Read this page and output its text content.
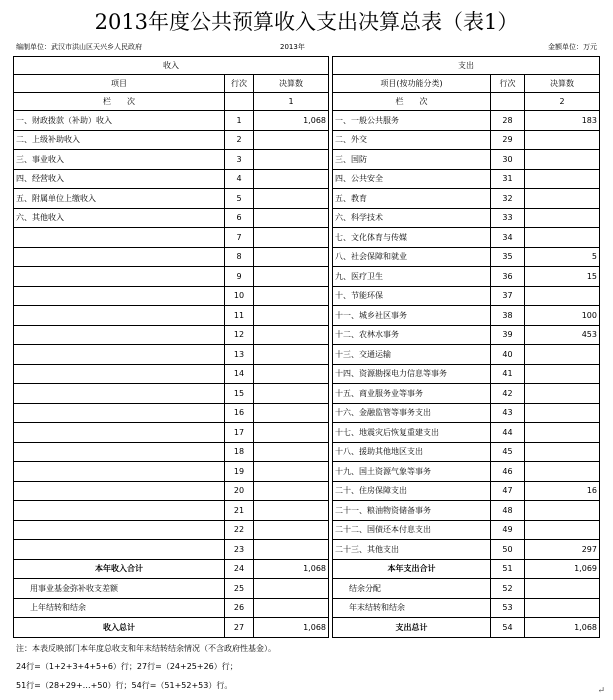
2013年度公共预算收入支出决算总表（表1）
编制单位：武汉市洪山区天兴乡人民政府	2013年	金额单位：万元
收入				支出		
项目	行次	决算数		项目(按功能分类)	行次	决算数
栏　　次		1		栏　　次		2
一、财政拨款（补助）收入	1	1,068		一、一般公共服务	28	183
二、上级补助收入	2			二、外交	29	
三、事业收入	3			三、国防	30	
四、经营收入	4			四、公共安全	31	
五、附属单位上缴收入	5			五、教育	32	
六、其他收入	6			六、科学技术	33	
	7			七、文化体育与传媒	34	
	8			八、社会保障和就业	35	5
	9			九、医疗卫生	36	15
	10			十、节能环保	37	
	11			十一、城乡社区事务	38	100
	12			十二、农林水事务	39	453
	13			十三、交通运输	40	
	14			十四、资源勘探电力信息等事务	41	
	15			十五、商业服务业等事务	42	
	16			十六、金融监管等事务支出	43	
	17			十七、地震灾后恢复重建支出	44	
	18			十八、援助其他地区支出	45	
	19			十九、国土资源气象等事务	46	
	20			二十、住房保障支出	47	16
	21			二十一、粮油物资储备事务	48	
	22			二十二、国债还本付息支出	49	
	23			二十三、其他支出	50	297
本年收入合计	24	1,068		本年支出合计	51	1,069
用事业基金弥补收支差额	25			结余分配	52	
上年结转和结余	26			年末结转和结余	53	
收入总计	27	1,068		支出总计	54	1,068
注：本表反映部门本年度总收支和年末结转结余情况（不含政府性基金）。
24行=（1+2+3+4+5+6）行；27行=（24+25+26）行；
51行=（28+29+…+50）行；54行=（51+52+53）行。
↵
